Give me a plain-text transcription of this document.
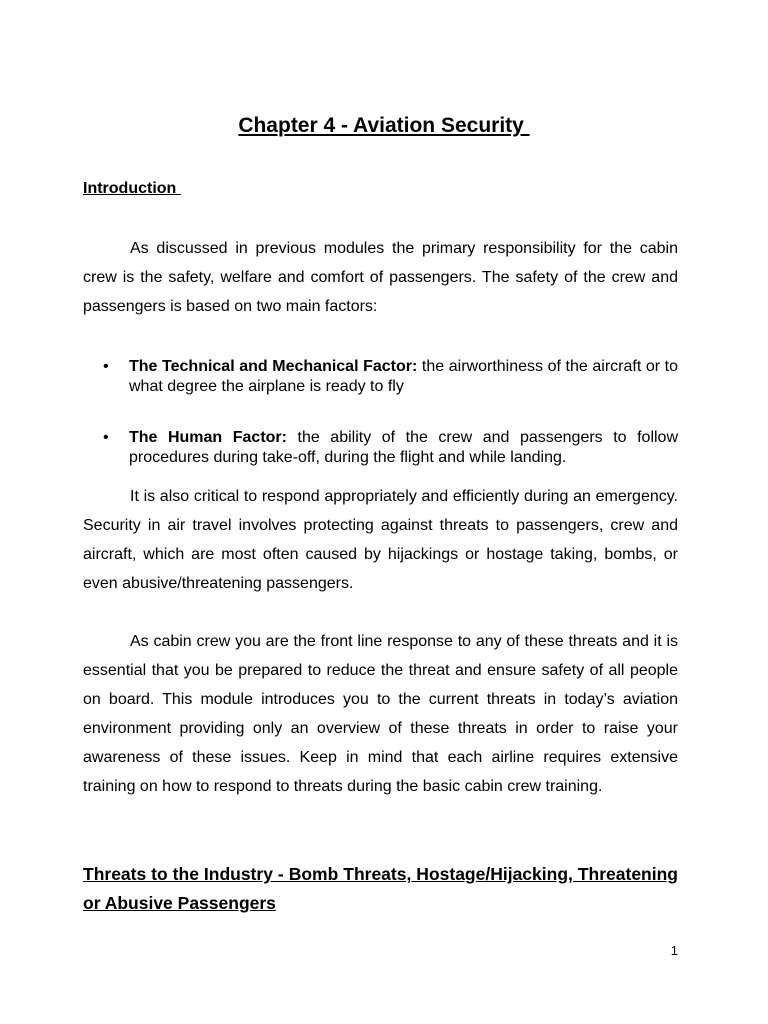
Chapter 4 - Aviation Security
Introduction
As discussed in previous modules the primary responsibility for the cabin crew is the safety, welfare and comfort of passengers. The safety of the crew and passengers is based on two main factors:
• The Technical and Mechanical Factor: the airworthiness of the aircraft or to what degree the airplane is ready to fly
• The Human Factor: the ability of the crew and passengers to follow procedures during take-off, during the flight and while landing.
It is also critical to respond appropriately and efficiently during an emergency. Security in air travel involves protecting against threats to passengers, crew and aircraft, which are most often caused by hijackings or hostage taking, bombs, or even abusive/threatening passengers.
As cabin crew you are the front line response to any of these threats and it is essential that you be prepared to reduce the threat and ensure safety of all people on board. This module introduces you to the current threats in today’s aviation environment providing only an overview of these threats in order to raise your awareness of these issues. Keep in mind that each airline requires extensive training on how to respond to threats during the basic cabin crew training.
Threats to the Industry - Bomb Threats, Hostage/Hijacking, Threatening or Abusive Passengers
1
